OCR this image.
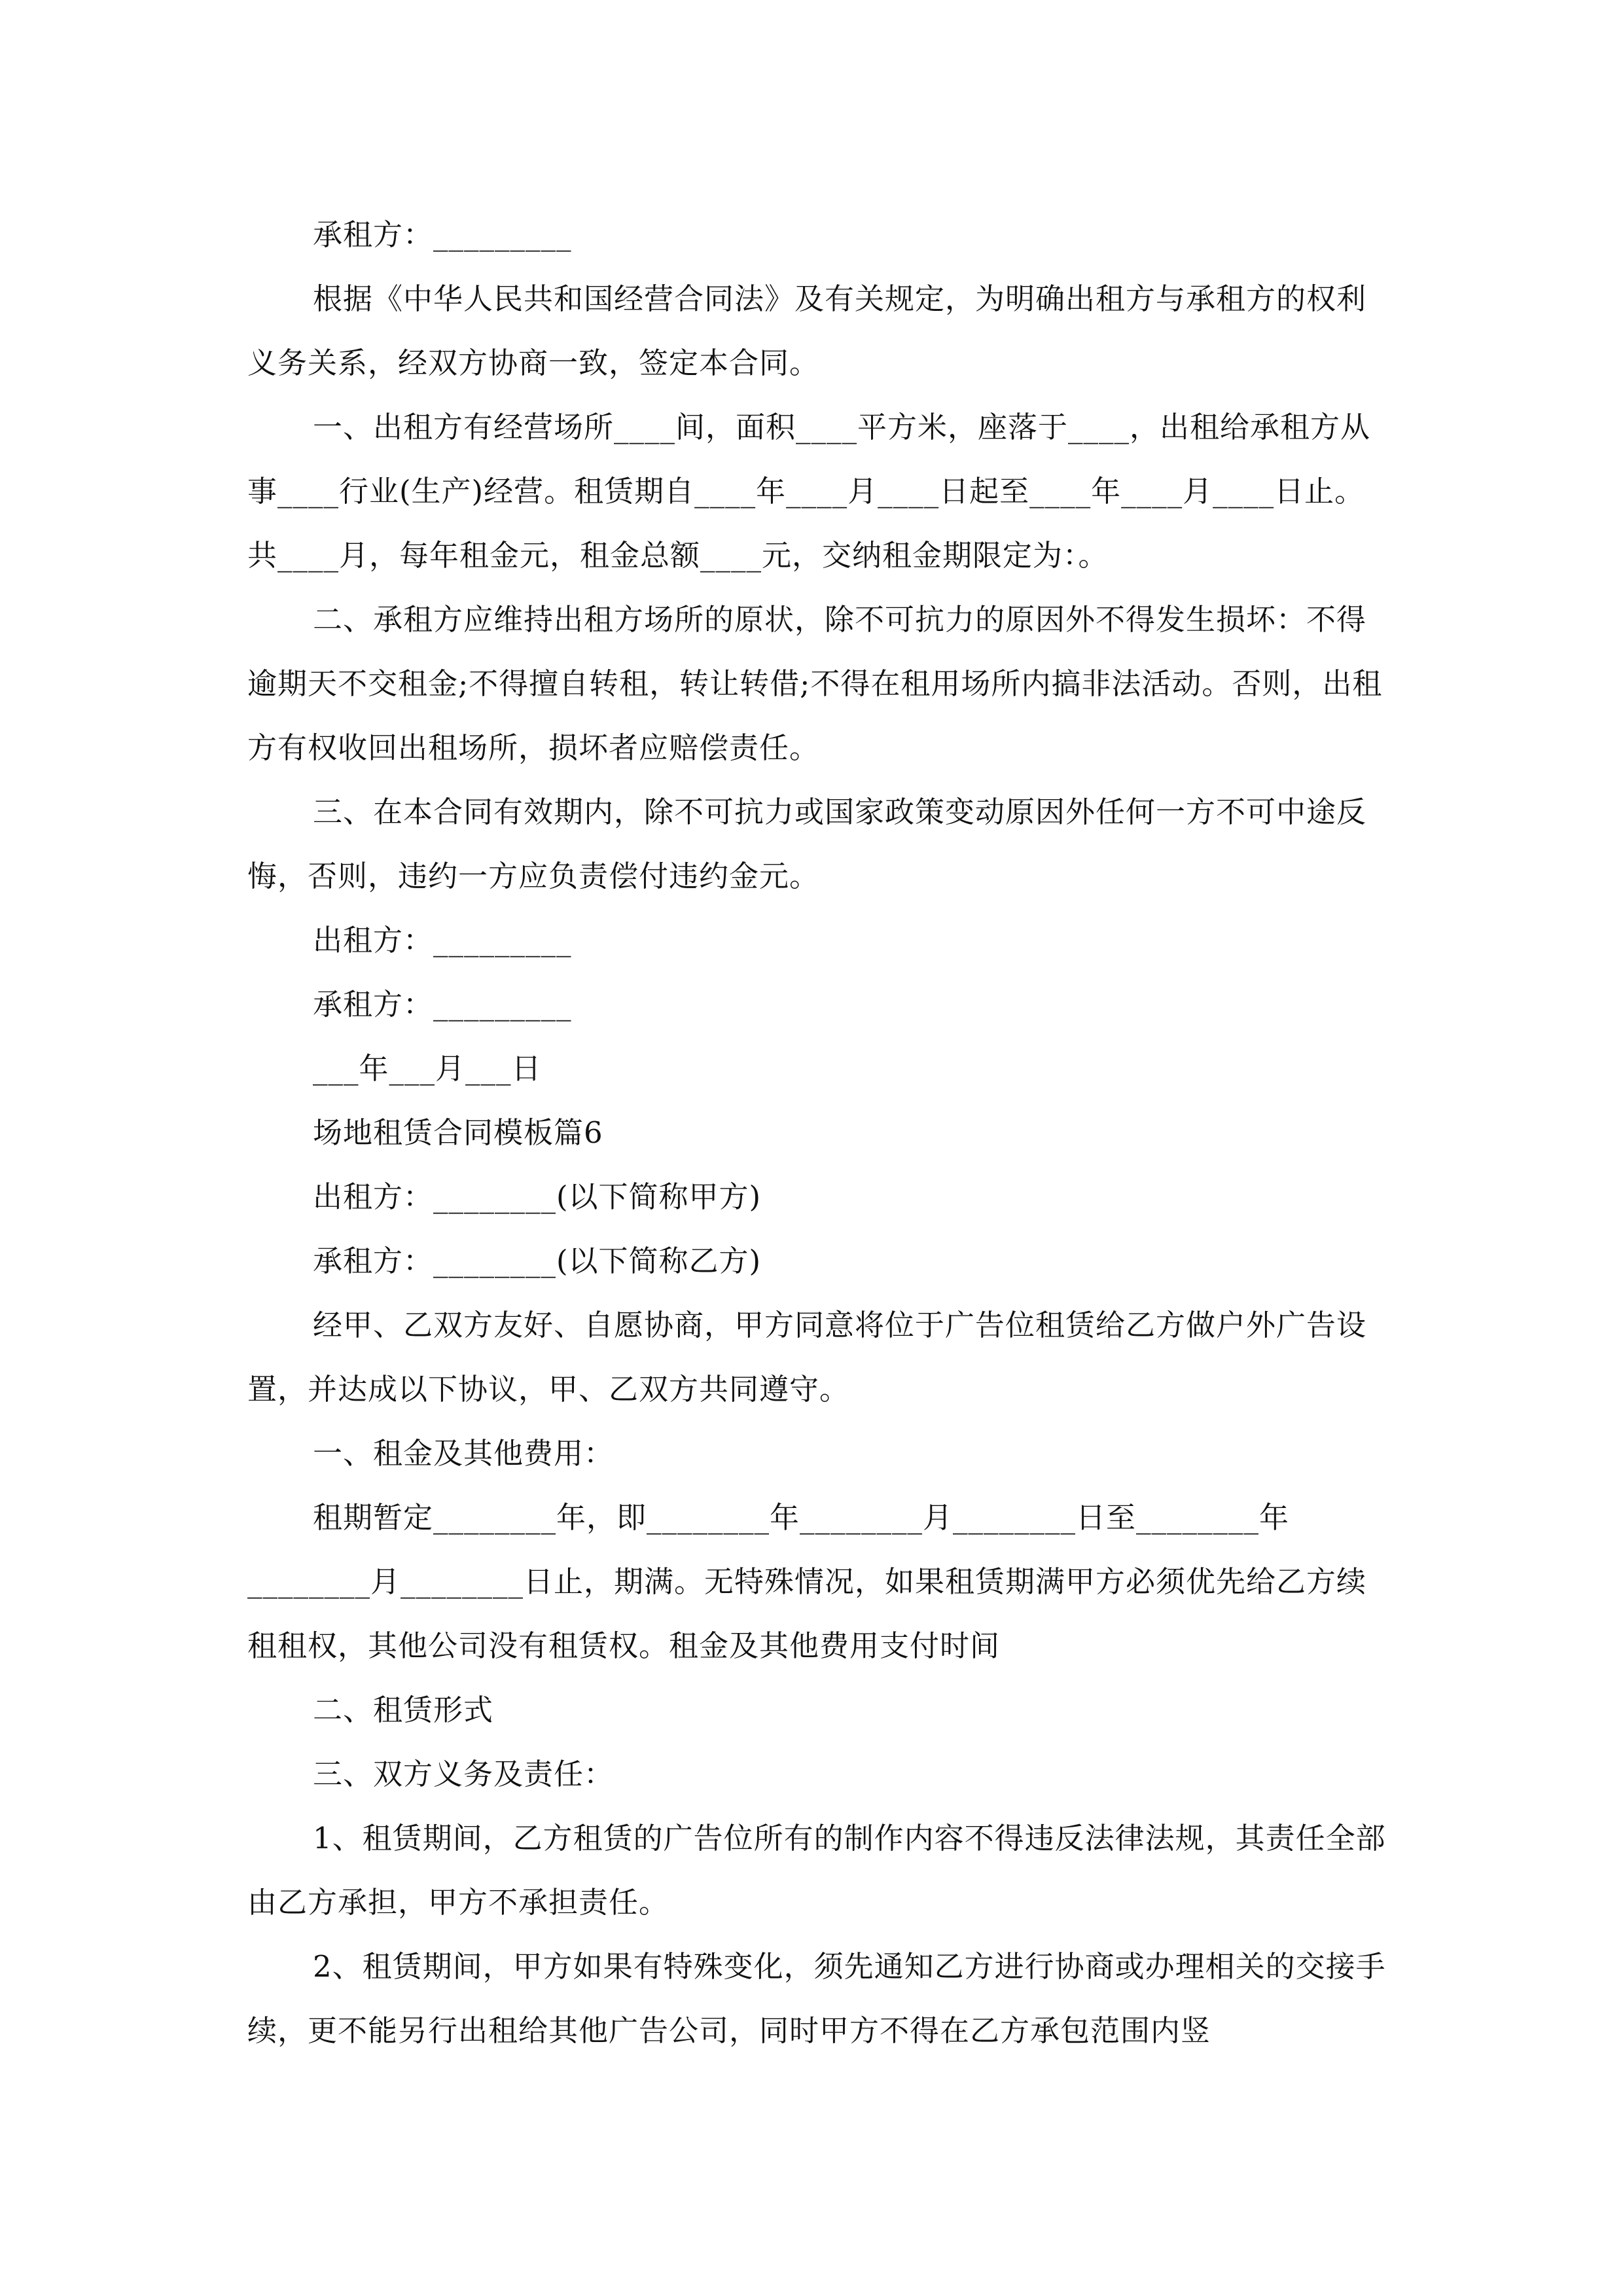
承租方：_________

根据《中华人民共和国经营合同法》及有关规定，为明确出租方与承租方的权利义务关系，经双方协商一致，签定本合同。

一、出租方有经营场所____间，面积____平方米，座落于____，出租给承租方从事____行业(生产)经营。租赁期自____年____月____日起至____年____月____日止。共____月，每年租金元，租金总额____元，交纳租金期限定为：。

二、承租方应维持出租方场所的原状，除不可抗力的原因外不得发生损坏：不得逾期天不交租金;不得擅自转租，转让转借;不得在租用场所内搞非法活动。否则，出租方有权收回出租场所，损坏者应赔偿责任。

三、在本合同有效期内，除不可抗力或国家政策变动原因外任何一方不可中途反悔，否则，违约一方应负责偿付违约金元。

出租方：_________

承租方：_________

___年___月___日

场地租赁合同模板篇6

出租方：________(以下简称甲方)

承租方：________(以下简称乙方)

经甲、乙双方友好、自愿协商，甲方同意将位于广告位租赁给乙方做户外广告设置，并达成以下协议，甲、乙双方共同遵守。

一、租金及其他费用：

租期暂定________年，即________年________月________日至________年________月________日止，期满。无特殊情况，如果租赁期满甲方必须优先给乙方续租租权，其他公司没有租赁权。租金及其他费用支付时间

二、租赁形式

三、双方义务及责任：

1、租赁期间，乙方租赁的广告位所有的制作内容不得违反法律法规，其责任全部由乙方承担，甲方不承担责任。

2、租赁期间，甲方如果有特殊变化，须先通知乙方进行协商或办理相关的交接手续，更不能另行出租给其他广告公司，同时甲方不得在乙方承包范围内竖
